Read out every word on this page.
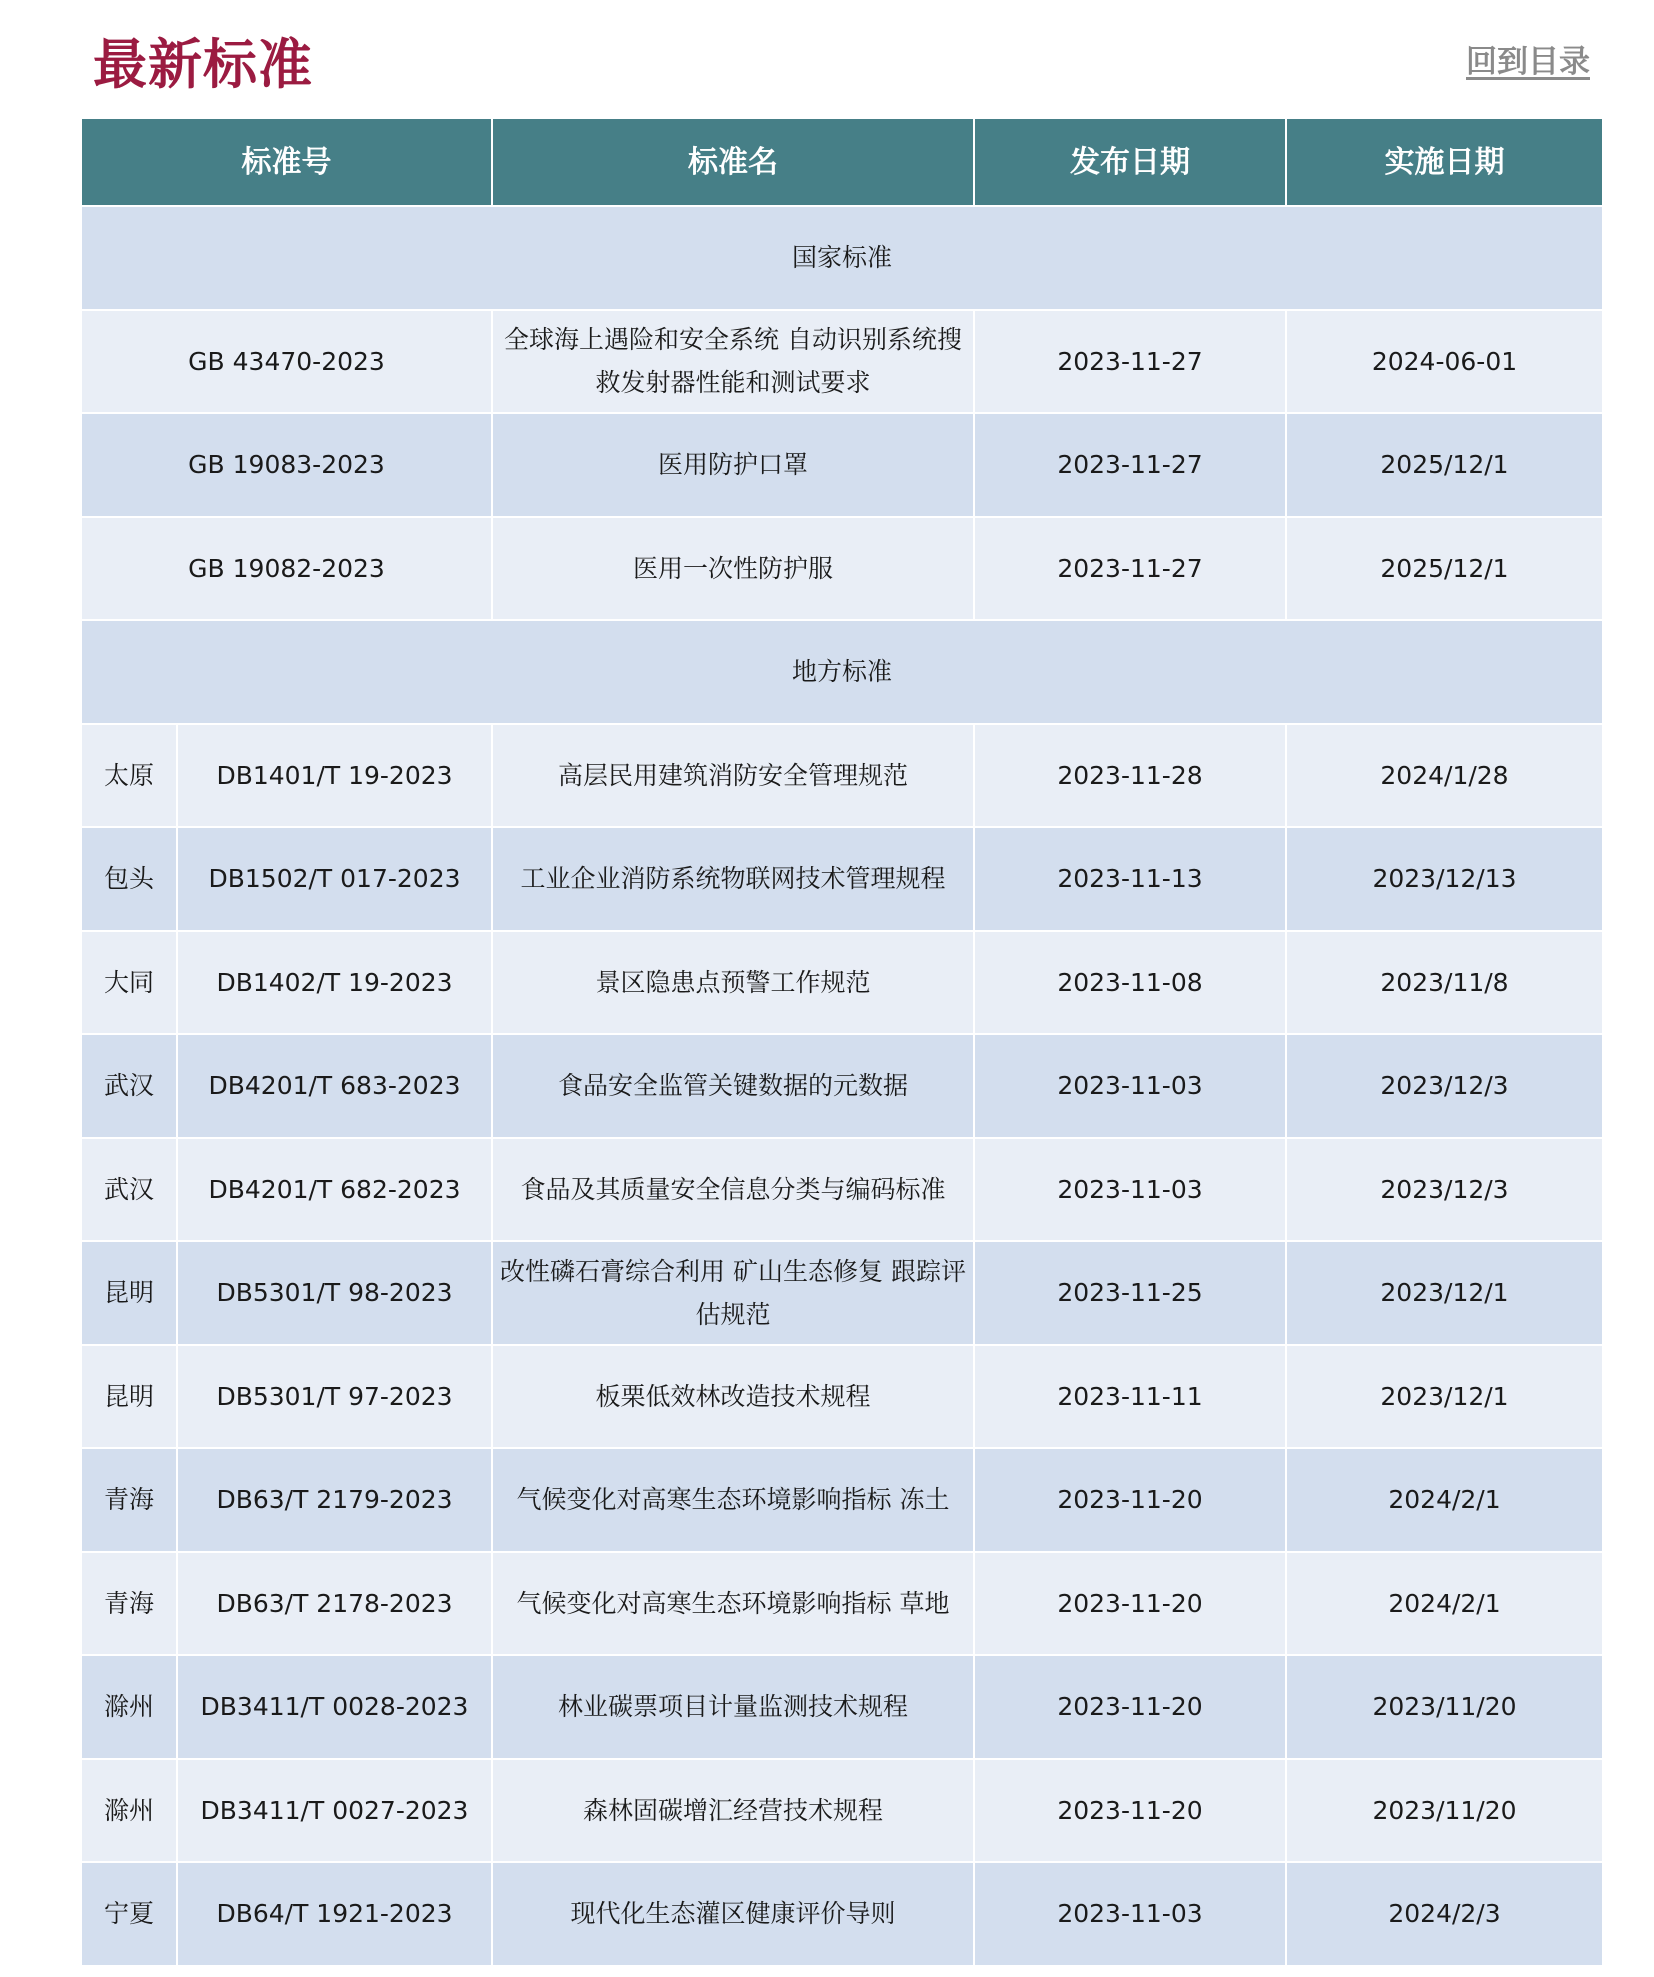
最新标准	回到目录
标准号		标准名	发布日期	实施日期
国家标准				
GB 43470-2023		全球海上遇险和安全系统 自动识别系统搜救发射器性能和测试要求	2023-11-27	2024-06-01
GB 19083-2023		医用防护口罩	2023-11-27	2025/12/1
GB 19082-2023		医用一次性防护服	2023-11-27	2025/12/1
地方标准				
太原	DB1401/T 19-2023	高层民用建筑消防安全管理规范	2023-11-28	2024/1/28
包头	DB1502/T 017-2023	工业企业消防系统物联网技术管理规程	2023-11-13	2023/12/13
大同	DB1402/T 19-2023	景区隐患点预警工作规范	2023-11-08	2023/11/8
武汉	DB4201/T 683-2023	食品安全监管关键数据的元数据	2023-11-03	2023/12/3
武汉	DB4201/T 682-2023	食品及其质量安全信息分类与编码标准	2023-11-03	2023/12/3
昆明	DB5301/T 98-2023	改性磷石膏综合利用 矿山生态修复 跟踪评估规范	2023-11-25	2023/12/1
昆明	DB5301/T 97-2023	板栗低效林改造技术规程	2023-11-11	2023/12/1
青海	DB63/T 2179-2023	气候变化对高寒生态环境影响指标 冻土	2023-11-20	2024/2/1
青海	DB63/T 2178-2023	气候变化对高寒生态环境影响指标 草地	2023-11-20	2024/2/1
滁州	DB3411/T 0028-2023	林业碳票项目计量监测技术规程	2023-11-20	2023/11/20
滁州	DB3411/T 0027-2023	森林固碳增汇经营技术规程	2023-11-20	2023/11/20
宁夏	DB64/T 1921-2023	现代化生态灌区健康评价导则	2023-11-03	2024/2/3
